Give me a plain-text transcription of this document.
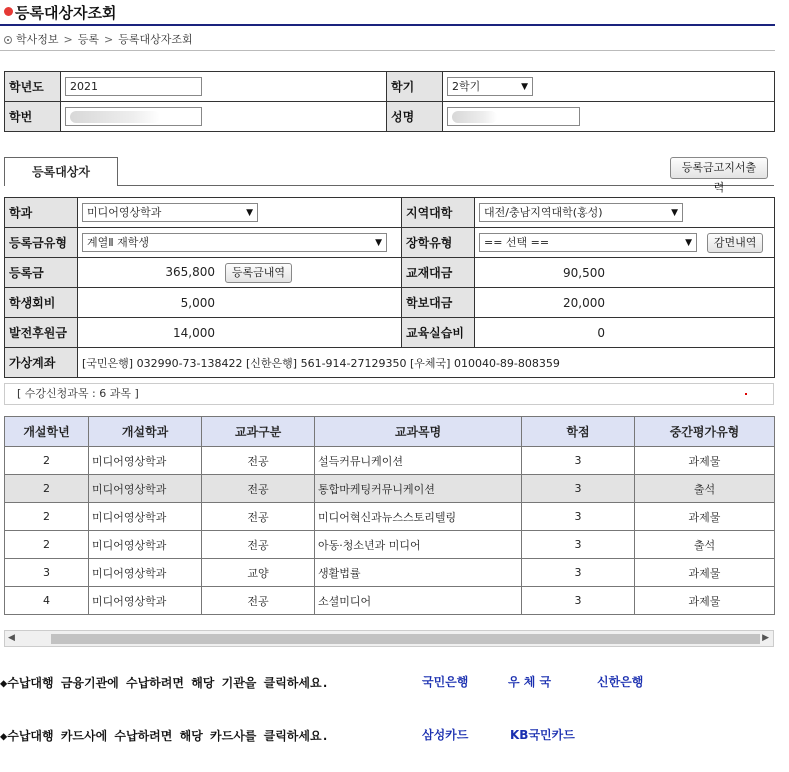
등록대상자조회
학사정보 > 등록 > 등록대상자조회
학년도	2021	학기	2학기 ▼

학번		성명	
등록대상자	등록금고지서출력
학과	미디어영상학과 ▼	지역대학	대전/충남지역대학(홍성) ▼

등록금유형	계열Ⅱ 재학생 ▼	장학유형	== 선택 == ▼ 감면내역
등록금	365,800 등록금내역	교재대금	90,500
학생회비	5,000	학보대금	20,000
발전후원금	14,000	교육실습비	0
가상계좌	[국민은행] 032990-73-138422 [신한은행] 561-914-27129350 [우체국] 010040-89-808359		
[ 수강신청과목 : 6 과목 ]
개설학년	개설학과	교과구분	교과목명	학점	중간평가유형
2	미디어영상학과	전공	설득커뮤니케이션	3	과제물
2	미디어영상학과	전공	통합마케팅커뮤니케이션	3	출석
2	미디어영상학과	전공	미디어혁신과뉴스스토리텔링	3	과제물
2	미디어영상학과	전공	아동·청소년과 미디어	3	출석
3	미디어영상학과	교양	생활법률	3	과제물
4	미디어영상학과	전공	소셜미디어	3	과제물
◀	▶
◆수납대행 금융기관에 수납하려면 해당 기관을 클릭하세요.	국민은행	우 체 국	신한은행
◆수납대행 카드사에 수납하려면 해당 카드사를 클릭하세요.	삼성카드	KB국민카드
